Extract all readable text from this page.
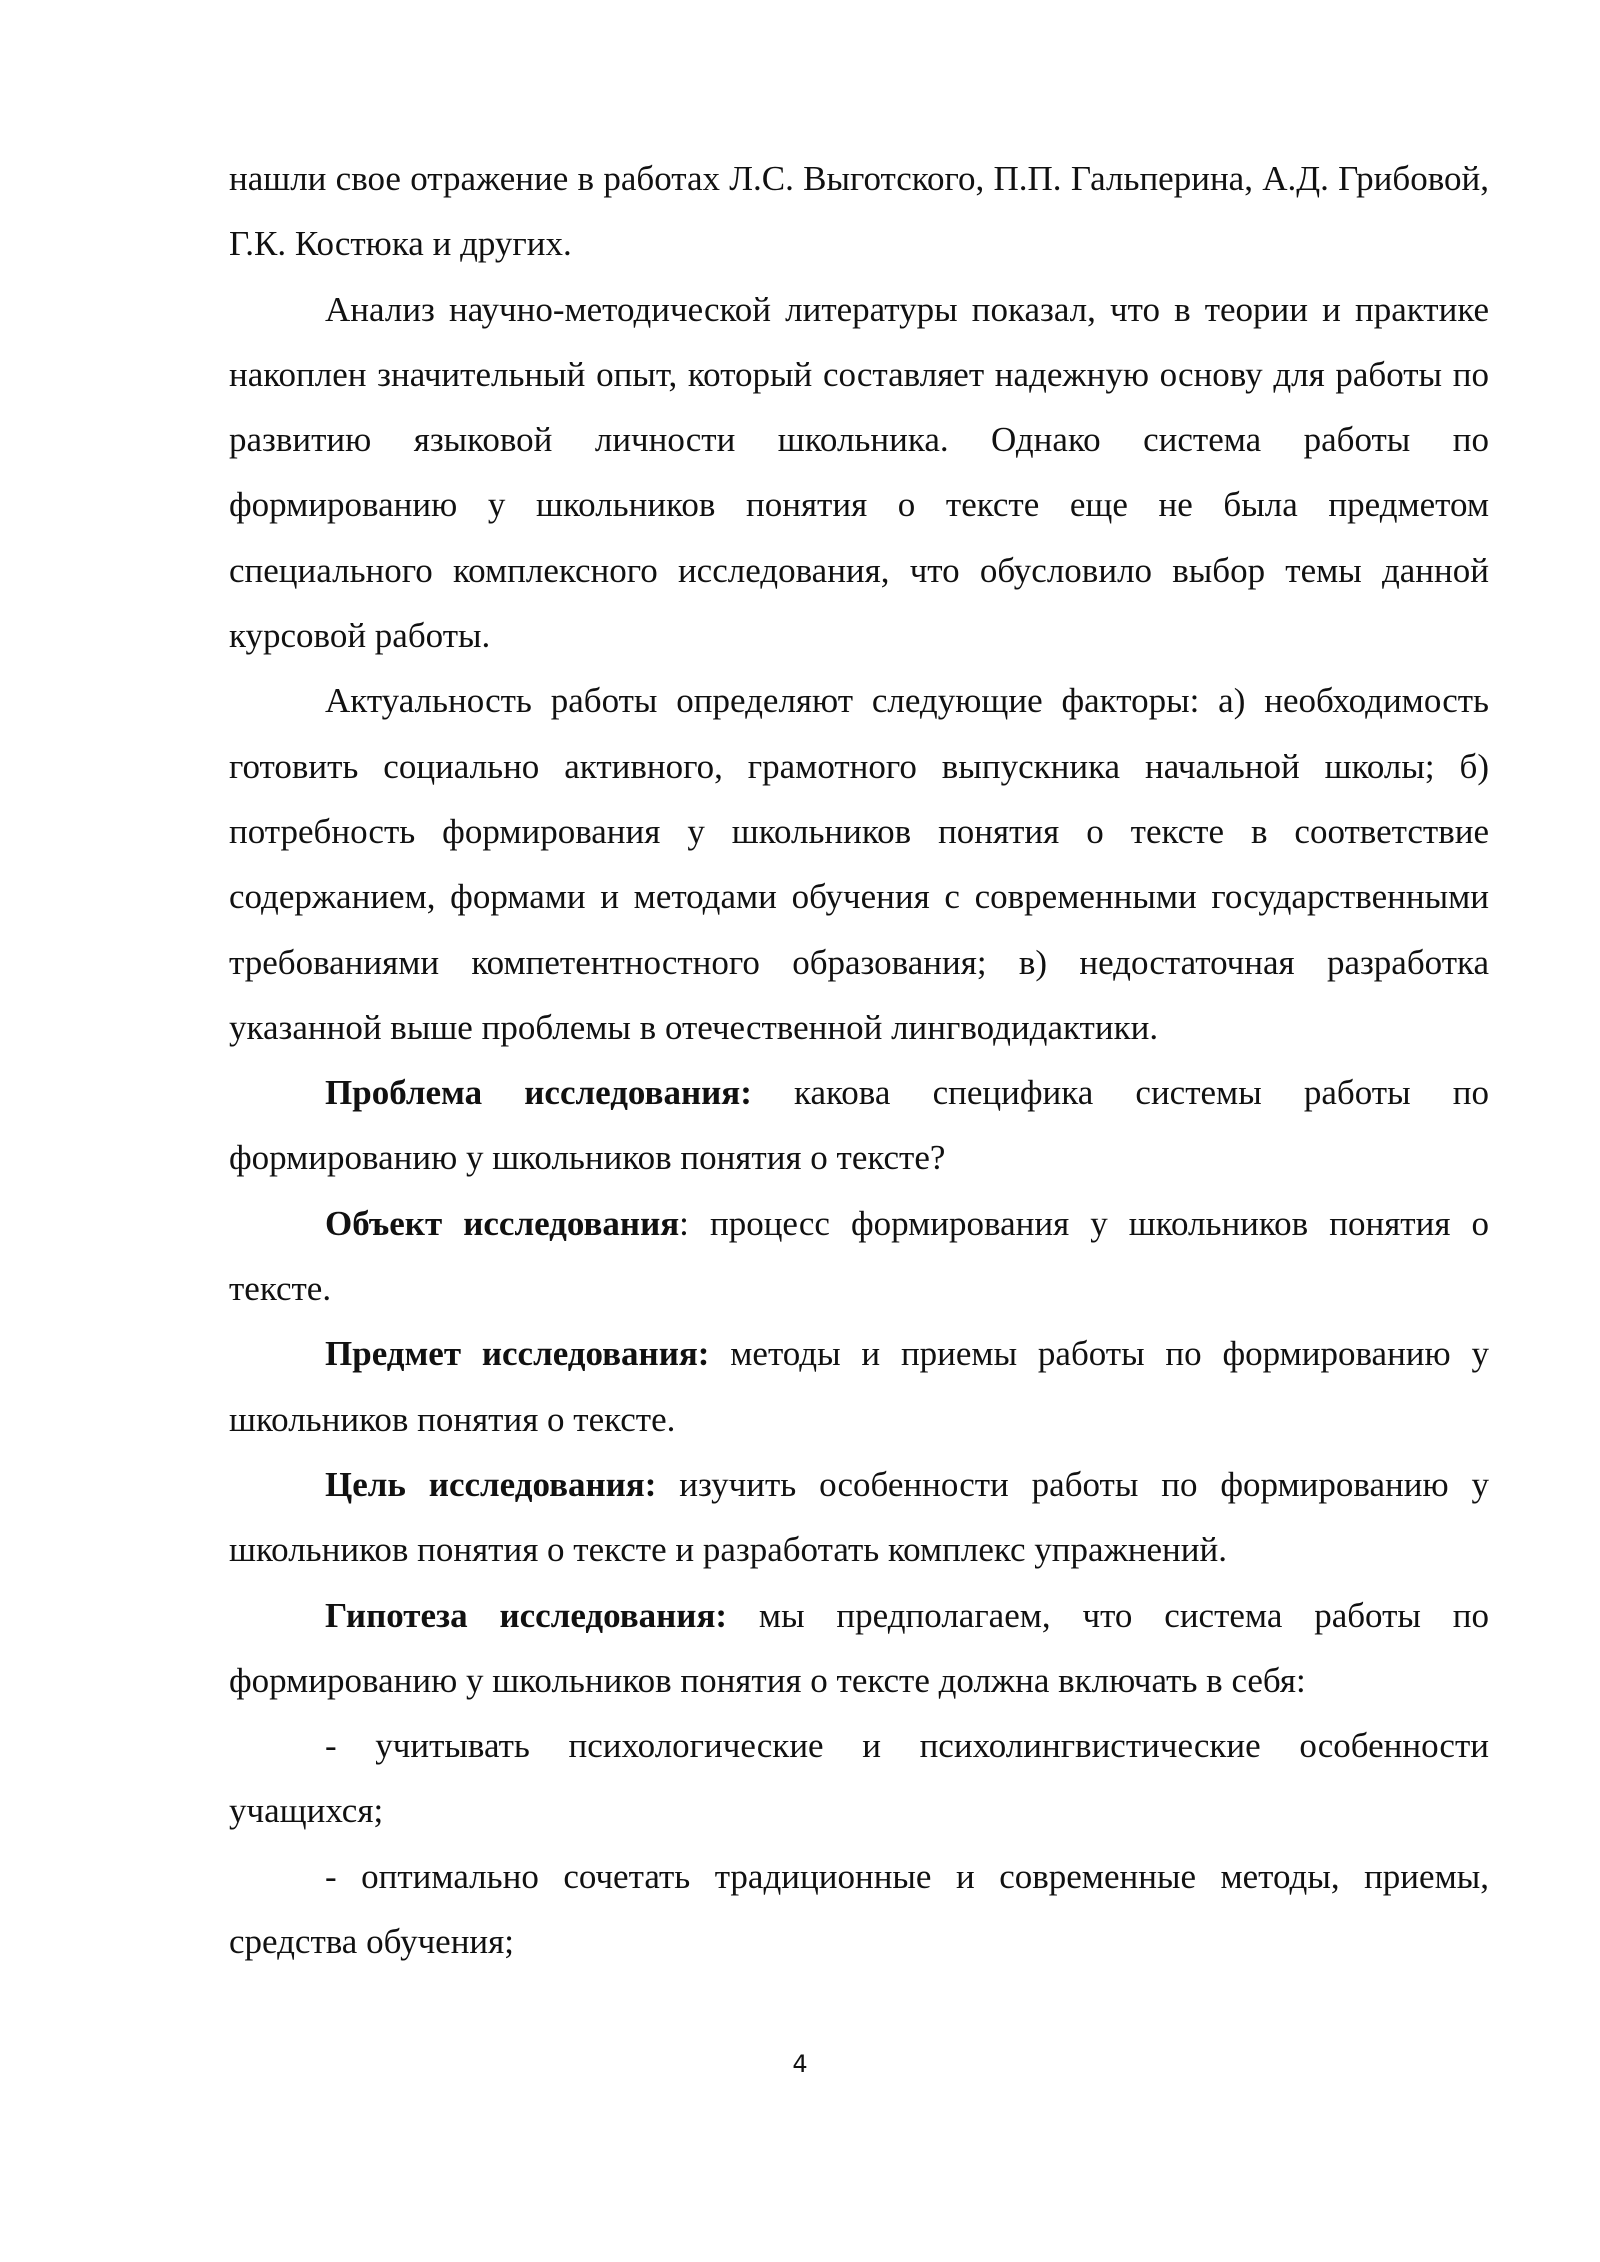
нашли свое отражение в работах Л.С. Выготского, П.П. Гальперина, А.Д. Грибовой, Г.К. Костюка и других.

Анализ научно-методической литературы показал, что в теории и практике накоплен значительный опыт, который составляет надежную основу для работы по развитию языковой личности школьника. Однако система работы по формированию у школьников понятия о тексте еще не была предметом специального комплексного исследования, что обусловило выбор темы данной курсовой работы.

Актуальность работы определяют следующие факторы: а) необходимость готовить социально активного, грамотного выпускника начальной школы; б) потребность формирования у школьников понятия о тексте в соответствие содержанием, формами и методами обучения с современными государственными требованиями компетентностного образования; в) недостаточная разработка указанной выше проблемы в отечественной лингводидактики.

Проблема исследования: какова специфика системы работы по формированию у школьников понятия о тексте?

Объект исследования: процесс формирования у школьников понятия о тексте.

Предмет исследования: методы и приемы работы по формированию у школьников понятия о тексте.

Цель исследования: изучить особенности работы по формированию у школьников понятия о тексте и разработать комплекс упражнений.

Гипотеза исследования: мы предполагаем, что система работы по формированию у школьников понятия о тексте должна включать в себя:

- учитывать психологические и психолингвистические особенности учащихся;

- оптимально сочетать традиционные и современные методы, приемы, средства обучения;

4
